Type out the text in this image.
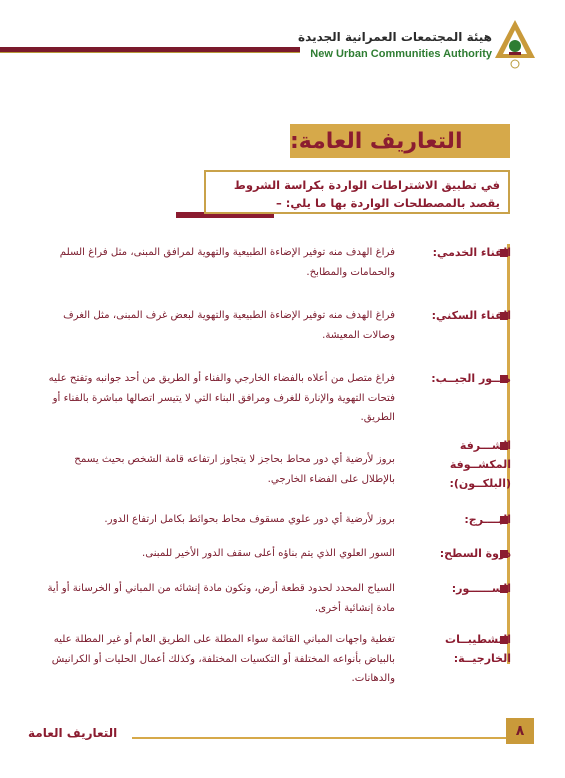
هيئة المجتمعات العمرانية الجديدة
New Urban Communities Authority
التعاريف العامة:
في تطبيق الاشتراطات الواردة بكراسة الشروط
يقصد بالمصطلحات الواردة بها ما يلي: –
الفناء الخدمي:
فراغ الهدف منه توفير الإضاءة الطبيعية والتهوية لمرافق المبنى، مثل فراغ السلم والحمامات والمطابخ.
الفناء السكني:
فراغ الهدف منه توفير الإضاءة الطبيعية والتهوية لبعض غرف المبنى، مثل الغرف وصالات المعيشة.
منــور الجيــب:
فراغ متصل من أعلاه بالفضاء الخارجي والفناء أو الطريق من أحد جوانبه وتفتح عليه فتحات التهوية والإنارة للغرف ومرافق البناء التي لا يتيسر اتصالها مباشرة بالفناء أو الطريق.
الشـــرفة المكشــوفة (البلكــون):
بروز لأرضية أي دور محاط بحاجز لا يتجاوز ارتفاعه قامة الشخص بحيث يسمح بالإطلال على الفضاء الخارجي.
البــــرج:
بروز لأرضية أي دور علوي مسقوف محاط بحوائط بكامل ارتفاع الدور.
دروة السطح:
السور العلوي الذي يتم بناؤه أعلى سقف الدور الأخير للمبنى.
الســــــور:
السياج المحدد لحدود قطعة أرض، وتكون مادة إنشائه من المباني أو الخرسانة أو أية مادة إنشائية أخرى.
التشطيبــات الخارجيــة:
تغطية واجهات المباني القائمة سواء المطلة على الطريق العام أو غير المطلة عليه بالبياض بأنواعه المختلفة أو التكسيات المختلفة، وكذلك أعمال الحليات أو الكرانيش والدهانات.
التعاريف العامة	٨
